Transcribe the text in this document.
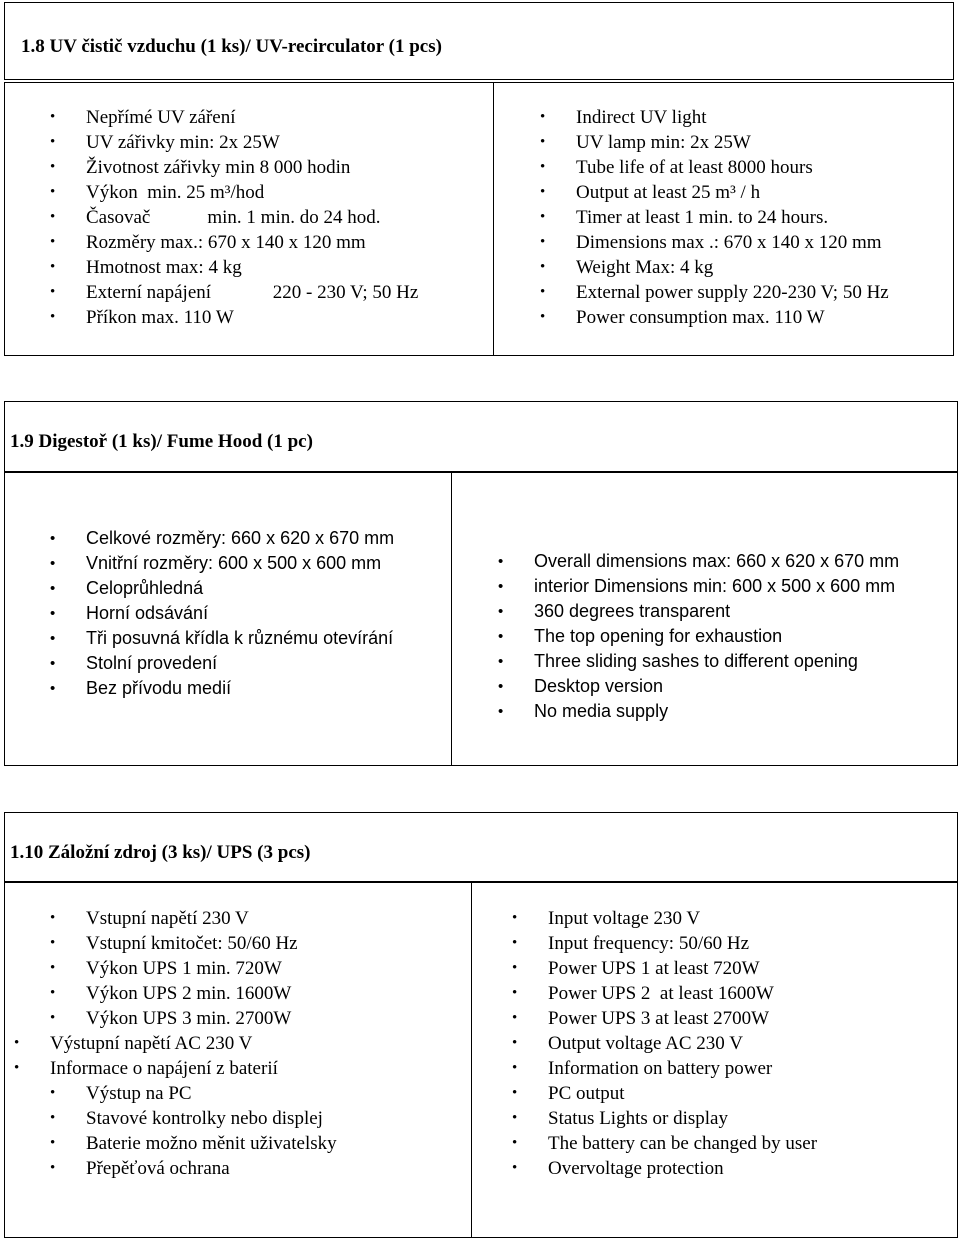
1.8 UV čistič vzduchu (1 ks)/ UV-recirculator (1 pcs)
• Nepřímé UV záření
• UV zářivky min: 2x 25W
• Životnost zářivky min 8 000 hodin
• Výkon  min. 25 m³/hod
• Časovač            min. 1 min. do 24 hod.
• Rozměry max.: 670 x 140 x 120 mm
• Hmotnost max: 4 kg
• Externí napájení             220 - 230 V; 50 Hz
• Příkon max. 110 W
• Indirect UV light
• UV lamp min: 2x 25W
• Tube life of at least 8000 hours
• Output at least 25 m³ / h
• Timer at least 1 min. to 24 hours.
• Dimensions max .: 670 x 140 x 120 mm
• Weight Max: 4 kg
• External power supply 220-230 V; 50 Hz
• Power consumption max. 110 W
1.9 Digestoř (1 ks)/ Fume Hood (1 pc)
• Celkové rozměry: 660 x 620 x 670 mm
• Vnitřní rozměry: 600 x 500 x 600 mm
• Celoprůhledná
• Horní odsávání
• Tři posuvná křídla k různému otevírání
• Stolní provedení
• Bez přívodu medií
• Overall dimensions max: 660 x 620 x 670 mm
• interior Dimensions min: 600 x 500 x 600 mm
• 360 degrees transparent
• The top opening for exhaustion
• Three sliding sashes to different opening
• Desktop version
• No media supply
1.10 Záložní zdroj (3 ks)/ UPS (3 pcs)
• Vstupní napětí 230 V
• Vstupní kmitočet: 50/60 Hz
• Výkon UPS 1 min. 720W
• Výkon UPS 2 min. 1600W
• Výkon UPS 3 min. 2700W
• Výstupní napětí AC 230 V
• Informace o napájení z baterií
• Výstup na PC
• Stavové kontrolky nebo displej
• Baterie možno měnit uživatelsky
• Přepěťová ochrana
• Input voltage 230 V
• Input frequency: 50/60 Hz
• Power UPS 1 at least 720W
• Power UPS 2  at least 1600W
• Power UPS 3 at least 2700W
• Output voltage AC 230 V
• Information on battery power
• PC output
• Status Lights or display
• The battery can be changed by user
• Overvoltage protection
